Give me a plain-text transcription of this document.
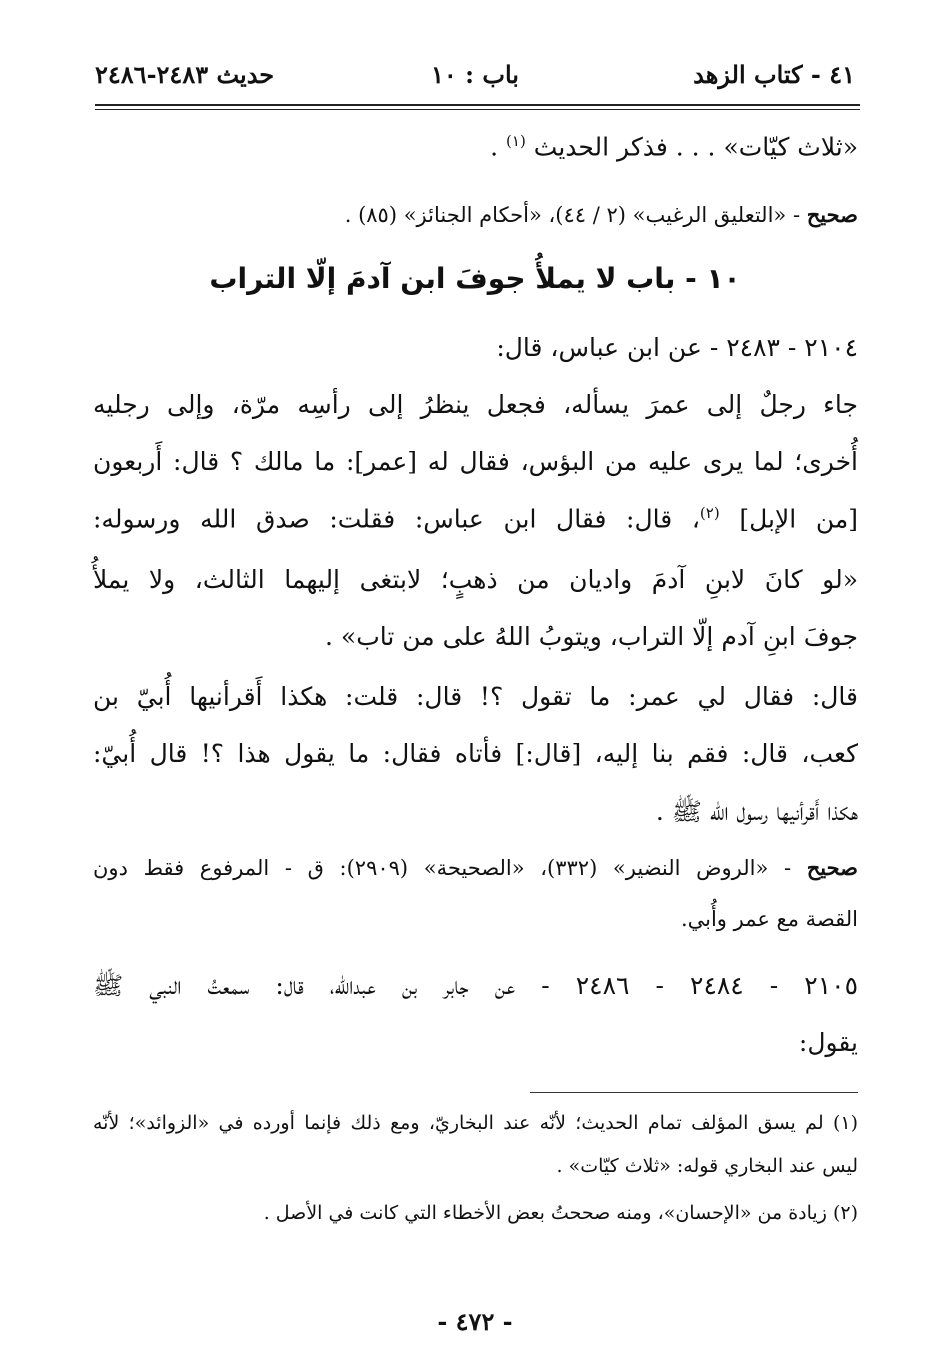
٤١ - كتاب الزهد
باب : ١٠
حديث ٢٤٨٣-٢٤٨٦
«ثلاث كيّات» . . . فذكر الحديث $^{(١)}$ .
صحيح - «التعليق الرغيب» (٢ / ٤٤)، «أحكام الجنائز» (٨٥) .
١٠ - باب لا يملأُ جوفَ ابن آدمَ إلّا التراب
٢١٠٤ - ٢٤٨٣ - عن ابن عباس، قال:
جاء رجلٌ إلى عمرَ يسأله، فجعل ينظرُ إلى رأسِه مرّة، وإلى رجليه
أُخرى؛ لما يرى عليه من البؤس، فقال له [عمر]: ما مالك ؟ قال: أَربعون
[من الإبل] $^{(٢)}$، قال: فقال ابن عباس: فقلت: صدق الله ورسوله:
«لو كانَ لابنِ آدمَ واديان من ذهبٍ؛ لابتغى إليهما الثالث، ولا يملأُ
جوفَ ابنِ آدم إلّا التراب، ويتوبُ اللهُ على من تاب» .
قال: فقال لي عمر: ما تقول ؟! قال: قلت: هكذا أَقرأنيها أُبيّ بن
كعب، قال: فقم بنا إليه، [قال:] فأتاه فقال: ما يقول هذا ؟! قال أُبيّ:
هكذا أَقرأنيها رسول الله ﷺ .
صحيح - «الروض النضير» (٣٣٢)، «الصحيحة» (٢٩٠٩): ق - المرفوع فقط دون
القصة مع عمر وأُبي.
٢١٠٥ - ٢٤٨٤ - ٢٤٨٦ - عن جابر بن عبدالله، قال: سمعتُ النبي ﷺ
يقول:
(١) لم يسق المؤلف تمام الحديث؛ لأنّه عند البخاريّ، ومع ذلك فإنما أورده في «الزوائد»؛ لأنّه
ليس عند البخاري قوله: «ثلاث كيّات» .
(٢) زيادة من «الإحسان»، ومنه صححتُ بعض الأخطاء التي كانت في الأصل .
- ٤٧٢ -
